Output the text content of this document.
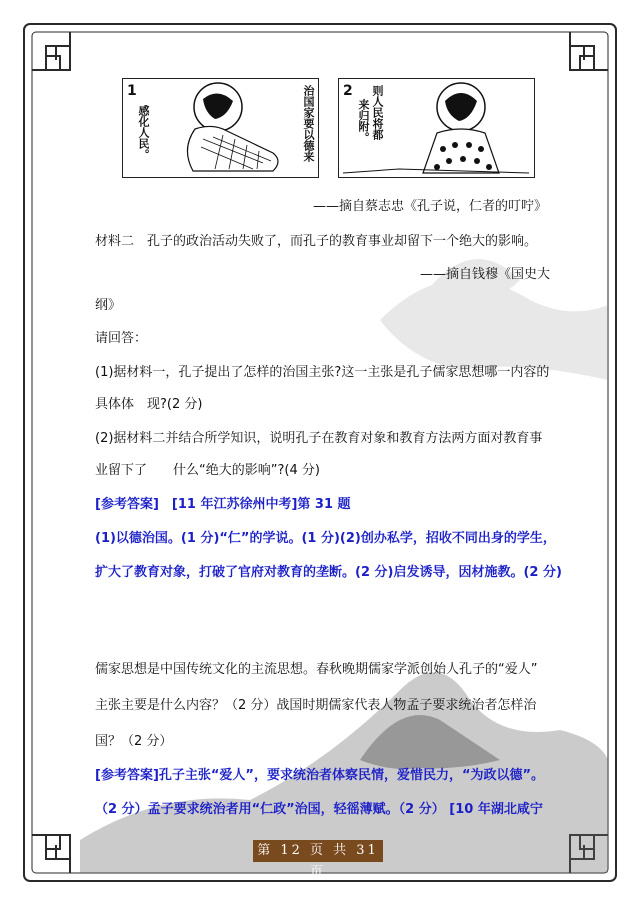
1	治国家要以德来
感化人民。
2 则人民将都
来归附。
——摘自蔡志忠《孔子说，仁者的叮咛》
材料二　孔子的政治活动失败了，而孔子的教育事业却留下一个绝大的影响。
——摘自钱穆《国史大
纲》
请回答：
(1)据材料一，孔子提出了怎样的治国主张?这一主张是孔子儒家思想哪一内容的
具体体　现?(2 分)
(2)据材料二并结合所学知识，说明孔子在教育对象和教育方法两方面对教育事
业留下了　　什么“绝大的影响”?(4 分)
[参考答案]　[11 年江苏徐州中考]第 31 题
(1)以德治国。(1 分)“仁”的学说。(1 分)(2)创办私学，招收不同出身的学生，
扩大了教育对象，打破了官府对教育的垄断。(2 分)启发诱导，因材施教。(2 分)
儒家思想是中国传统文化的主流思想。春秋晚期儒家学派创始人孔子的“爱人”
主张主要是什么内容？（2 分）战国时期儒家代表人物孟子要求统治者怎样治
国？（2 分）
[参考答案]孔子主张“爱人”，要求统治者体察民情，爱惜民力，“为政以德”。
（2 分）孟子要求统治者用“仁政”治国，轻徭薄赋。（2 分） [10 年湖北咸宁
第 12 页 共 31 页
